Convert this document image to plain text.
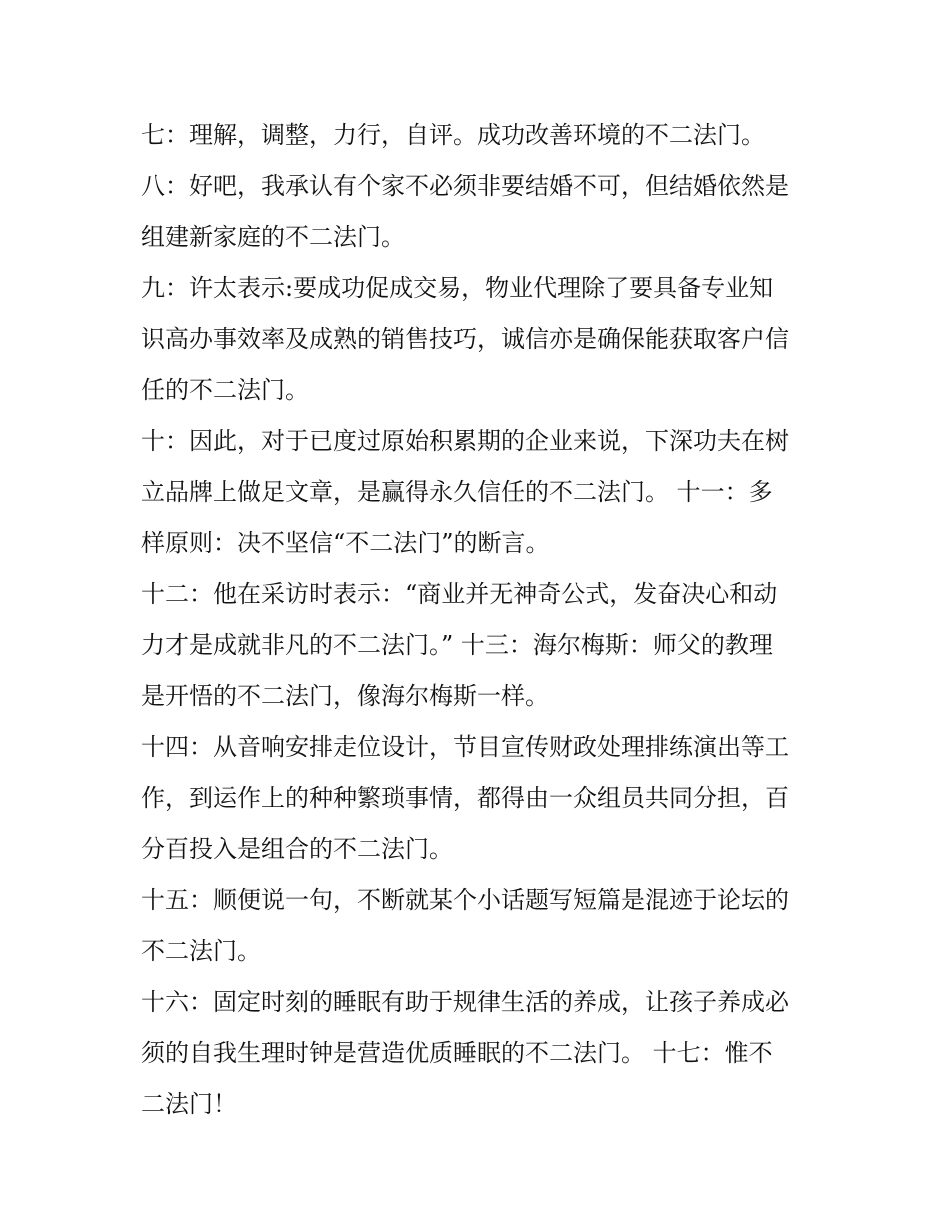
七：理解，调整，力行，自评。成功改善环境的不二法门。
八：好吧，我承认有个家不必须非要结婚不可，但结婚依然是
组建新家庭的不二法门。
九：许太表示:要成功促成交易，物业代理除了要具备专业知
识高办事效率及成熟的销售技巧，诚信亦是确保能获取客户信
任的不二法门。
十：因此，对于已度过原始积累期的企业来说，下深功夫在树
立品牌上做足文章，是赢得永久信任的不二法门。 十一：多
样原则：决不坚信“不二法门”的断言。
十二：他在采访时表示：“商业并无神奇公式，发奋决心和动
力才是成就非凡的不二法门。” 十三：海尔梅斯：师父的教理
是开悟的不二法门，像海尔梅斯一样。
十四：从音响安排走位设计，节目宣传财政处理排练演出等工
作，到运作上的种种繁琐事情，都得由一众组员共同分担，百
分百投入是组合的不二法门。
十五：顺便说一句，不断就某个小话题写短篇是混迹于论坛的
不二法门。
十六：固定时刻的睡眠有助于规律生活的养成，让孩子养成必
须的自我生理时钟是营造优质睡眠的不二法门。 十七：惟不
二法门！
